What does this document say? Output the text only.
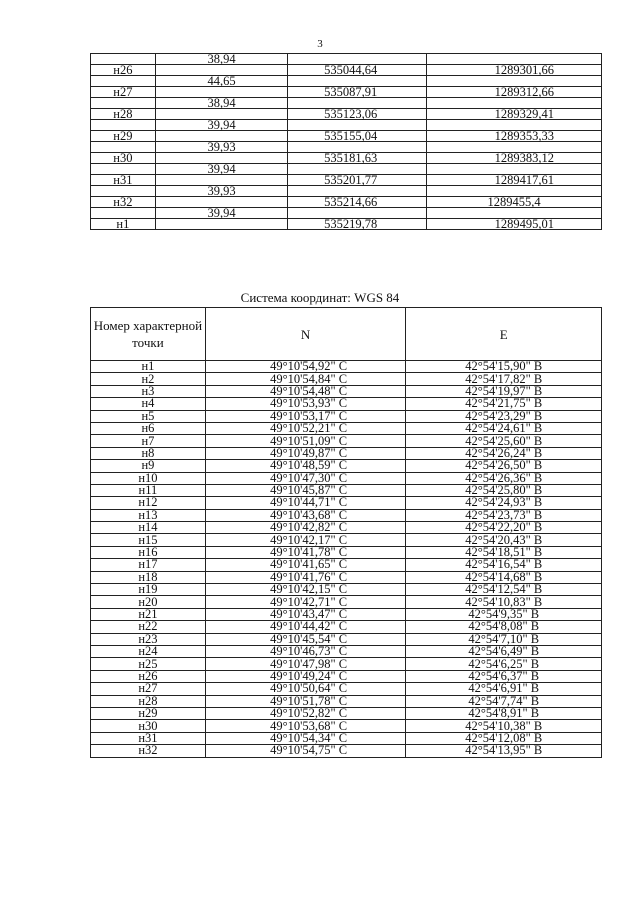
3
	38,94		
н26		535044,64	1289301,66
	44,65		
н27		535087,91	1289312,66
	38,94		
н28		535123,06	1289329,41
	39,94		
н29		535155,04	1289353,33
	39,93		
н30		535181,63	1289383,12
	39,94		
н31		535201,77	1289417,61
	39,93		
н32		535214,66	1289455,4
	39,94		
н1		535219,78	1289495,01
Система координат: WGS 84
Номер характерной точки	N	E
н1	49°10'54,92" С	42°54'15,90" В
н2	49°10'54,84" С	42°54'17,82" В
н3	49°10'54,48" С	42°54'19,97" В
н4	49°10'53,93" С	42°54'21,75" В
н5	49°10'53,17" С	42°54'23,29" В
н6	49°10'52,21" С	42°54'24,61" В
н7	49°10'51,09" С	42°54'25,60" В
н8	49°10'49,87" С	42°54'26,24" В
н9	49°10'48,59" С	42°54'26,50" В
н10	49°10'47,30" С	42°54'26,36" В
н11	49°10'45,87" С	42°54'25,80" В
н12	49°10'44,71" С	42°54'24,93" В
н13	49°10'43,68" С	42°54'23,73" В
н14	49°10'42,82" С	42°54'22,20" В
н15	49°10'42,17" С	42°54'20,43" В
н16	49°10'41,78" С	42°54'18,51" В
н17	49°10'41,65" С	42°54'16,54" В
н18	49°10'41,76" С	42°54'14,68" В
н19	49°10'42,15" С	42°54'12,54" В
н20	49°10'42,71" С	42°54'10,83" В
н21	49°10'43,47" С	42°54'9,35" В
н22	49°10'44,42" С	42°54'8,08" В
н23	49°10'45,54" С	42°54'7,10" В
н24	49°10'46,73" С	42°54'6,49" В
н25	49°10'47,98" С	42°54'6,25" В
н26	49°10'49,24" С	42°54'6,37" В
н27	49°10'50,64" С	42°54'6,91" В
н28	49°10'51,78" С	42°54'7,74" В
н29	49°10'52,82" С	42°54'8,91" В
н30	49°10'53,68" С	42°54'10,38" В
н31	49°10'54,34" С	42°54'12,08" В
н32	49°10'54,75" С	42°54'13,95" В
